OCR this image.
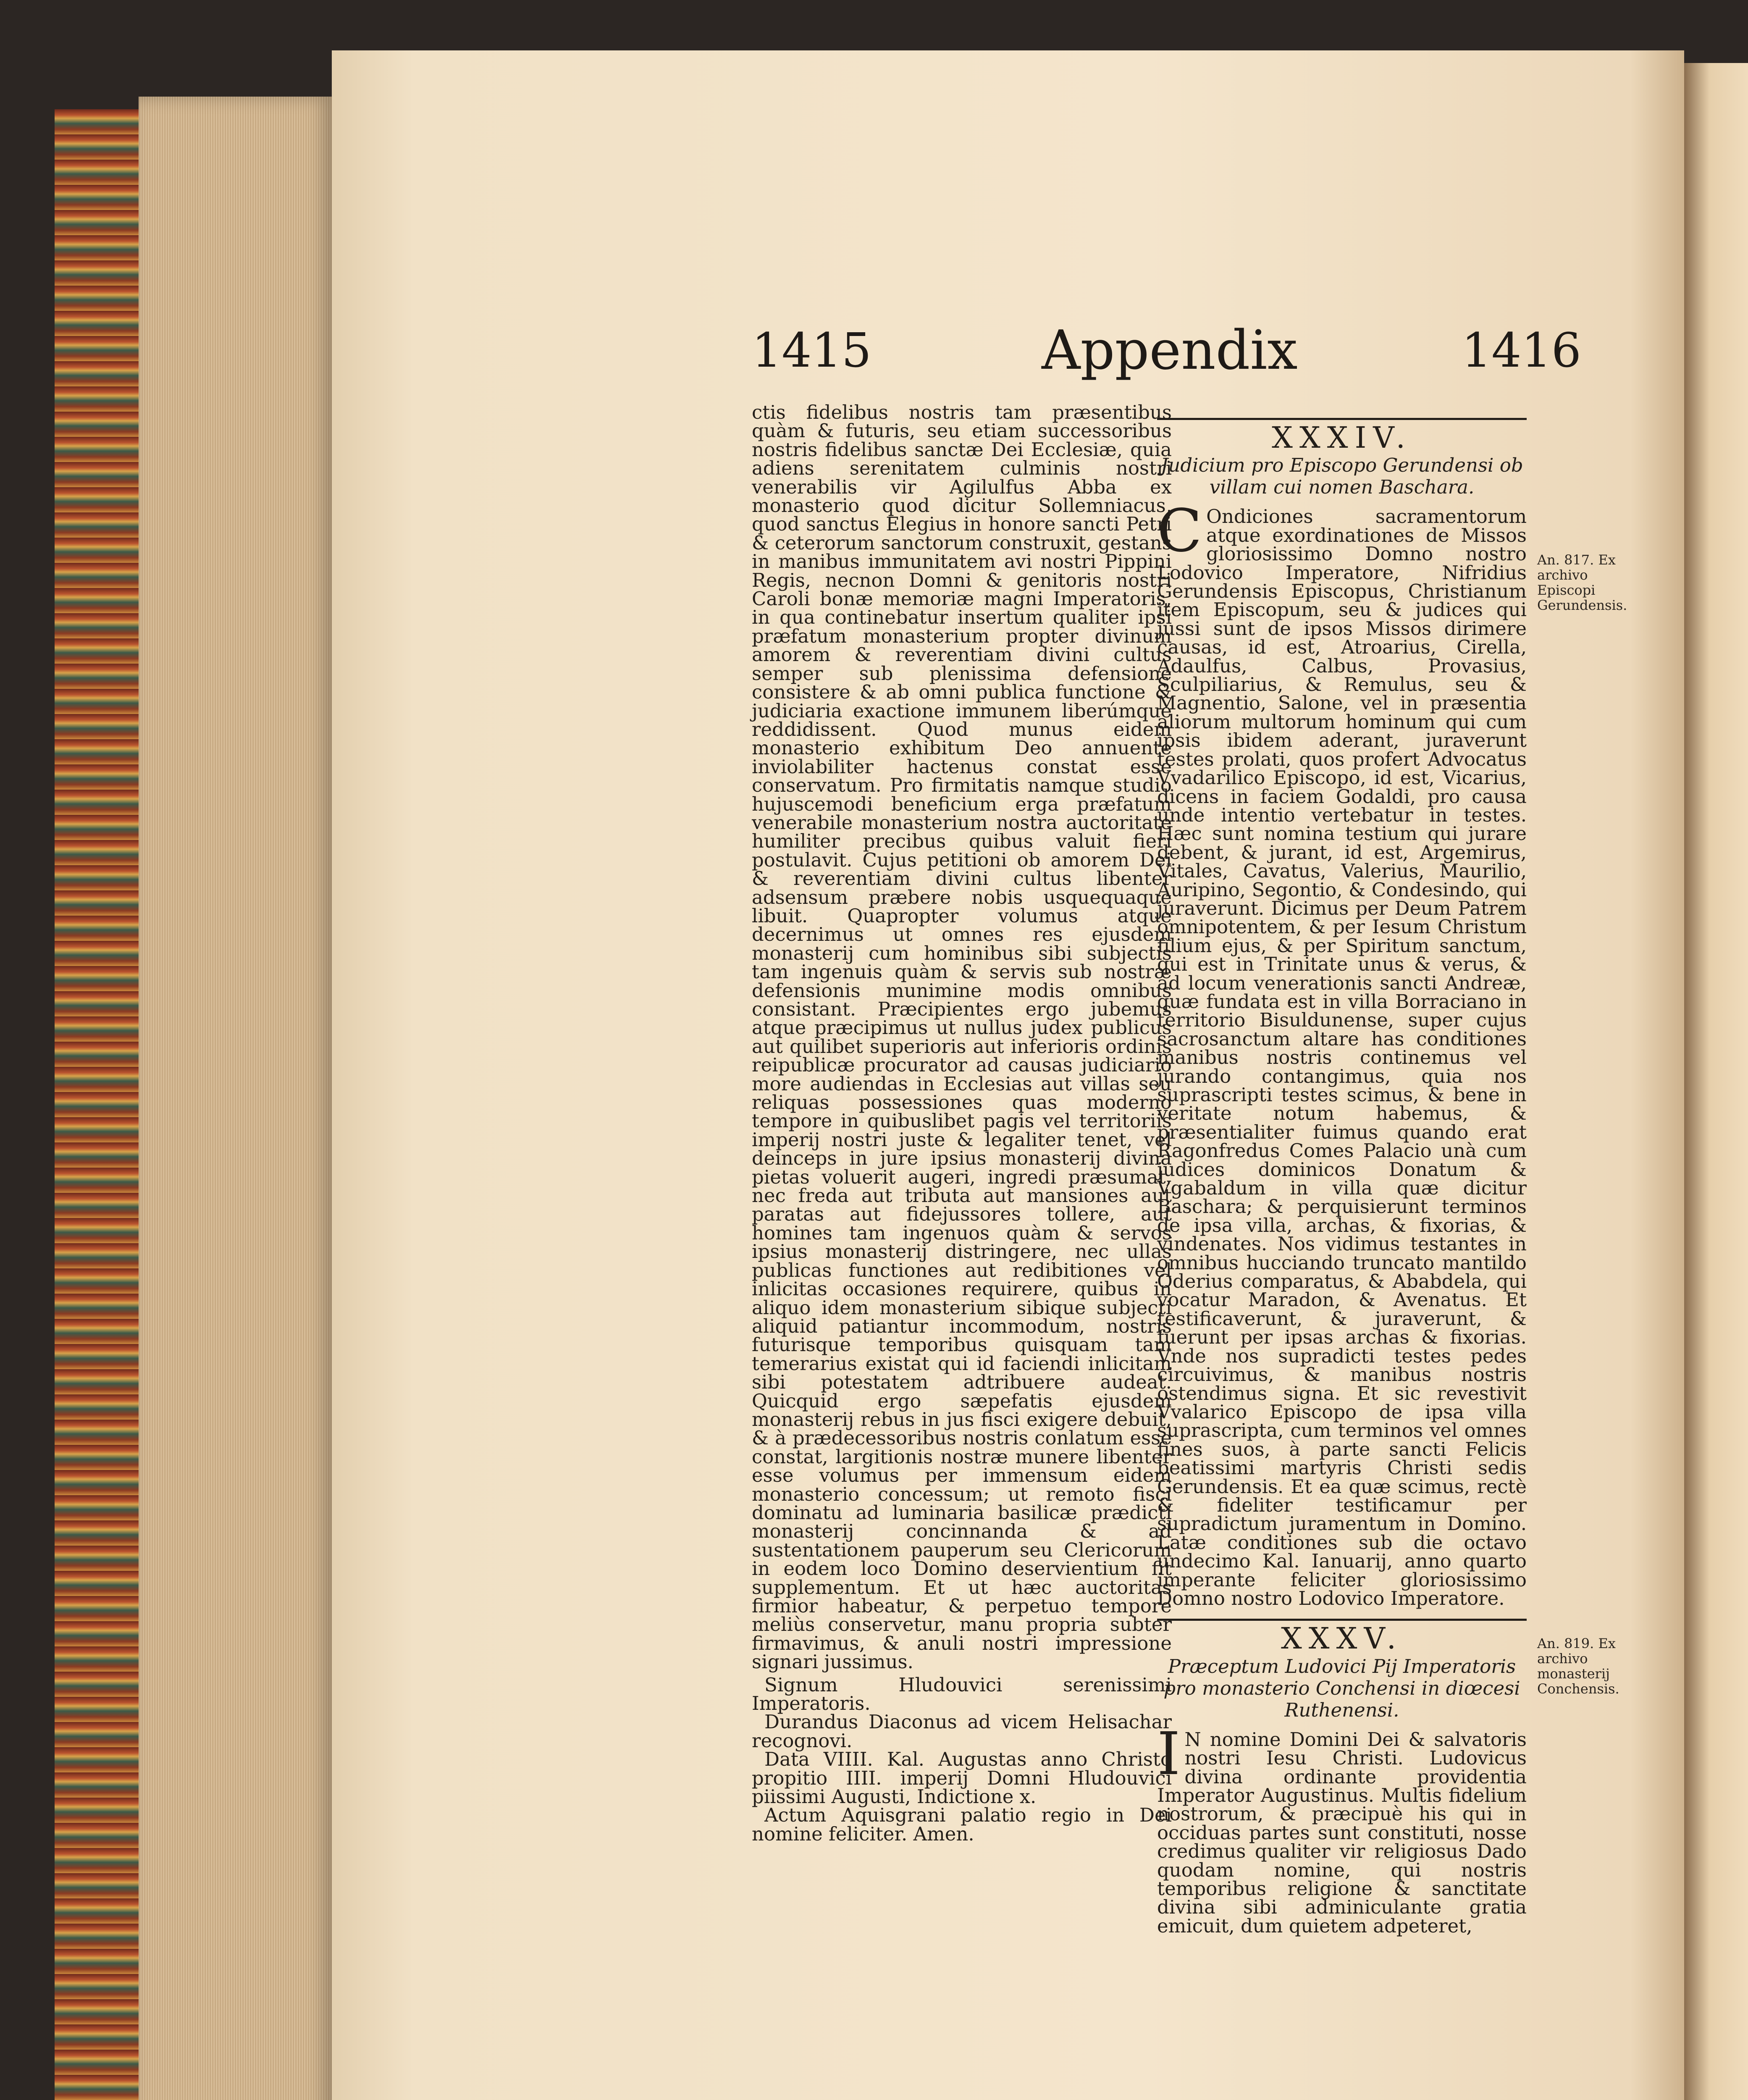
1415	Appendix	1416
ctis fidelibus nostris tam præsentibus quàm & futuris, seu etiam successoribus nostris fidelibus sanctæ Dei Ecclesiæ, quia adiens serenitatem culminis nostri venerabilis vir Agilulfus Abba ex monasterio quod dicitur Sollemniacus, quod sanctus Elegius in honore sancti Petri & ceterorum sanctorum construxit, gestans in manibus immunitatem avi nostri Pippini Regis, necnon Domni & genitoris nostri Caroli bonæ memoriæ magni Imperatoris, in qua continebatur insertum qualiter ipsi præfatum monasterium propter divinum amorem & reverentiam divini cultus semper sub plenissima defensione consistere & ab omni publica functione & judiciaria exactione immunem liberúmque reddidissent. Quod munus eidem monasterio exhibitum Deo annuente inviolabiliter hactenus constat esse conservatum. Pro firmitatis namque studio hujuscemodi beneficium erga præfatum venerabile monasterium nostra auctoritate humiliter precibus quibus valuit fieri postulavit. Cujus petitioni ob amorem Dei & reverentiam divini cultus libenter adsensum præbere nobis usquequaque libuit. Quapropter volumus atque decernimus ut omnes res ejusdem monasterij cum hominibus sibi subjectis tam ingenuis quàm & servis sub nostræ defensionis munimine modis omnibus consistant. Præcipientes ergo jubemus atque præcipimus ut nullus judex publicus aut quilibet superioris aut inferioris ordinis reipublicæ procurator ad causas judiciario more audiendas in Ecclesias aut villas seu reliquas possessiones quas moderno tempore in quibuslibet pagis vel territoriis imperij nostri juste & legaliter tenet, vel deinceps in jure ipsius monasterij divina pietas voluerit augeri, ingredi præsumat, nec freda aut tributa aut mansiones aut paratas aut fidejussores tollere, aut homines tam ingenuos quàm & servos ipsius monasterij distringere, nec ullas publicas functiones aut redibitiones vel inlicitas occasiones requirere, quibus in aliquo idem monasterium sibique subjecti aliquid patiantur incommodum, nostris futurisque temporibus quisquam tam temerarius existat qui id faciendi inlicitam sibi potestatem adtribuere audeat. Quicquid ergo sæpefatis ejusdem monasterij rebus in jus fisci exigere debuit, & à prædecessoribus nostris conlatum esse constat, largitionis nostræ munere libenter esse volumus per immensum eidem monasterio concessum; ut remoto fisci dominatu ad luminaria basilicæ prædicti monasterij concinnanda & ad sustentationem pauperum seu Clericorum in eodem loco Domino deservientium fit supplementum. Et ut hæc auctoritas firmior habeatur, & perpetuo tempore meliùs conservetur, manu propria subter firmavimus, & anuli nostri impressione signari jussimus.

Signum Hludouvici serenissimi Imperatoris.

Durandus Diaconus ad vicem Helisachar recognovi.

Data VIIII. Kal. Augustas anno Christo propitio IIII. imperij Domni Hludouvici piissimi Augusti, Indictione x.

Actum Aquisgrani palatio regio in Dei nomine feliciter. Amen.

XXXIV.
Judicium pro Episcopo Gerundensi ob villam cui nomen Baschara.
C Ondiciones sacramentorum atque exordinationes de Missos gloriosissimo Domno nostro Lodovico Imperatore, Nifridius Gerundensis Episcopus, Christianum item Episcopum, seu & judices qui jussi sunt de ipsos Missos dirimere causas, id est, Atroarius, Cirella, Adaulfus, Calbus, Provasius, Sculpiliarius, & Remulus, seu & Magnentio, Salone, vel in præsentia aliorum multorum hominum qui cum ipsis ibidem aderant, juraverunt testes prolati, quos profert Advocatus Vvadarilico Episcopo, id est, Vicarius, dicens in faciem Godaldi, pro causa unde intentio vertebatur in testes. Hæc sunt nomina testium qui jurare debent, & jurant, id est, Argemirus, Vitales, Cavatus, Valerius, Maurilio, Auripino, Segontio, & Condesindo, qui juraverunt. Dicimus per Deum Patrem omnipotentem, & per Iesum Christum filium ejus, & per Spiritum sanctum, qui est in Trinitate unus & verus, & ad locum venerationis sancti Andreæ, quæ fundata est in villa Borraciano in territorio Bisuldunense, super cujus sacrosanctum altare has conditiones manibus nostris continemus vel jurando contangimus, quia nos suprascripti testes scimus, & bene in veritate notum habemus, & præsentialiter fuimus quando erat Ragonfredus Comes Palacio unà cum judices dominicos Donatum & Vgabaldum in villa quæ dicitur Baschara; & perquisierunt terminos de ipsa villa, archas, & fixorias, & vindenates. Nos vidimus testantes in omnibus hucciando truncato mantildo Oderius comparatus, & Ababdela, qui vocatur Maradon, & Avenatus. Et testificaverunt, & juraverunt, & fuerunt per ipsas archas & fixorias. Vnde nos supradicti testes pedes circuivimus, & manibus nostris ostendimus signa. Et sic revestivit Vvalarico Episcopo de ipsa villa suprascripta, cum terminos vel omnes fines suos, à parte sancti Felicis beatissimi martyris Christi sedis Gerundensis. Et ea quæ scimus, rectè & fideliter testificamur per supradictum juramentum in Domino. Latæ conditiones sub die octavo undecimo Kal. Ianuarij, anno quarto imperante feliciter gloriosissimo Domno nostro Lodovico Imperatore.
XXXV.
Præceptum Ludovici Pij Imperatoris pro monasterio Conchensi in diœcesi Ruthenensi.
I N nomine Domini Dei & salvatoris nostri Iesu Christi. Ludovicus divina ordinante providentia Imperator Augustinus. Multis fidelium nostrorum, & præcipuè his qui in occiduas partes sunt constituti, nosse credimus qualiter vir religiosus Dado quodam nomine, qui nostris temporibus religione & sanctitate divina sibi adminiculante gratia emicuit, dum quietem adpeteret,
An. 817. Ex archivo Episcopi Gerundensis.
An. 819. Ex archivo monasterij Conchensis.
